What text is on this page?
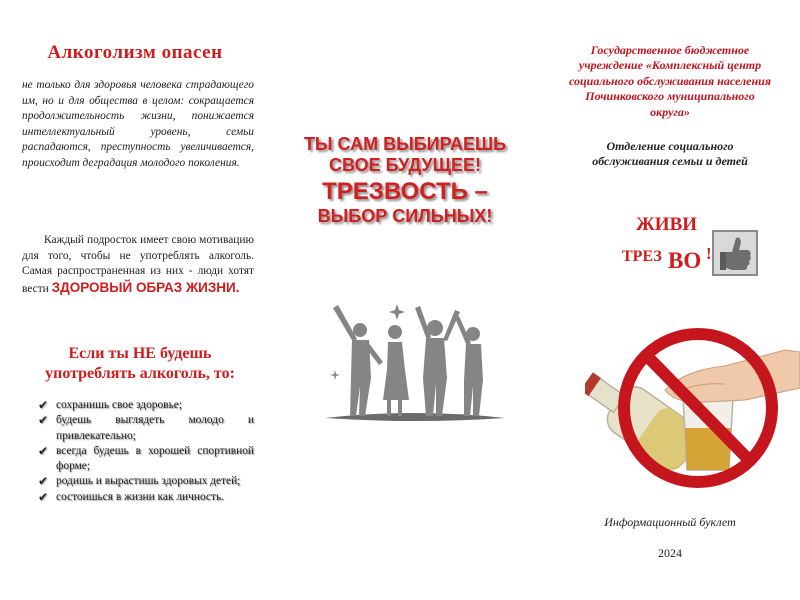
Алкоголизм опасен
не только для здоровья человека страдающего им, но и для общества в целом: сокращается продолжительность жизни, понижается интеллектуальный уровень, семьи распадаются, преступность увеличивается, происходит деградация молодого поколения.
Каждый подросток имеет свою мотивацию для того, чтобы не употреблять алкоголь. Самая распространенная из них - люди хотят вести ЗДОРОВЫЙ ОБРАЗ ЖИЗНИ.
Если ты НЕ будешь
употреблять алкоголь, то:
✔ сохранишь свое здоровье;
✔ будешь выглядеть молодо и привлекательно;
✔ всегда будешь в хорошей спортивной форме;
✔ родишь и вырастишь здоровых детей;
✔ состоишься в жизни как личность.
ТЫ САМ ВЫБИРАЕШЬ
СВОЕ БУДУЩЕЕ!
ТРЕЗВОСТЬ –
ВЫБОР СИЛЬНЫХ!
Государственное бюджетное
учреждение «Комплексный центр
социального обслуживания населения
Починковского муниципального
округа»
Отделение социального
обслуживания семьи и детей
ЖИВИ
ТРЕЗ ВО !
Информационный буклет
2024
